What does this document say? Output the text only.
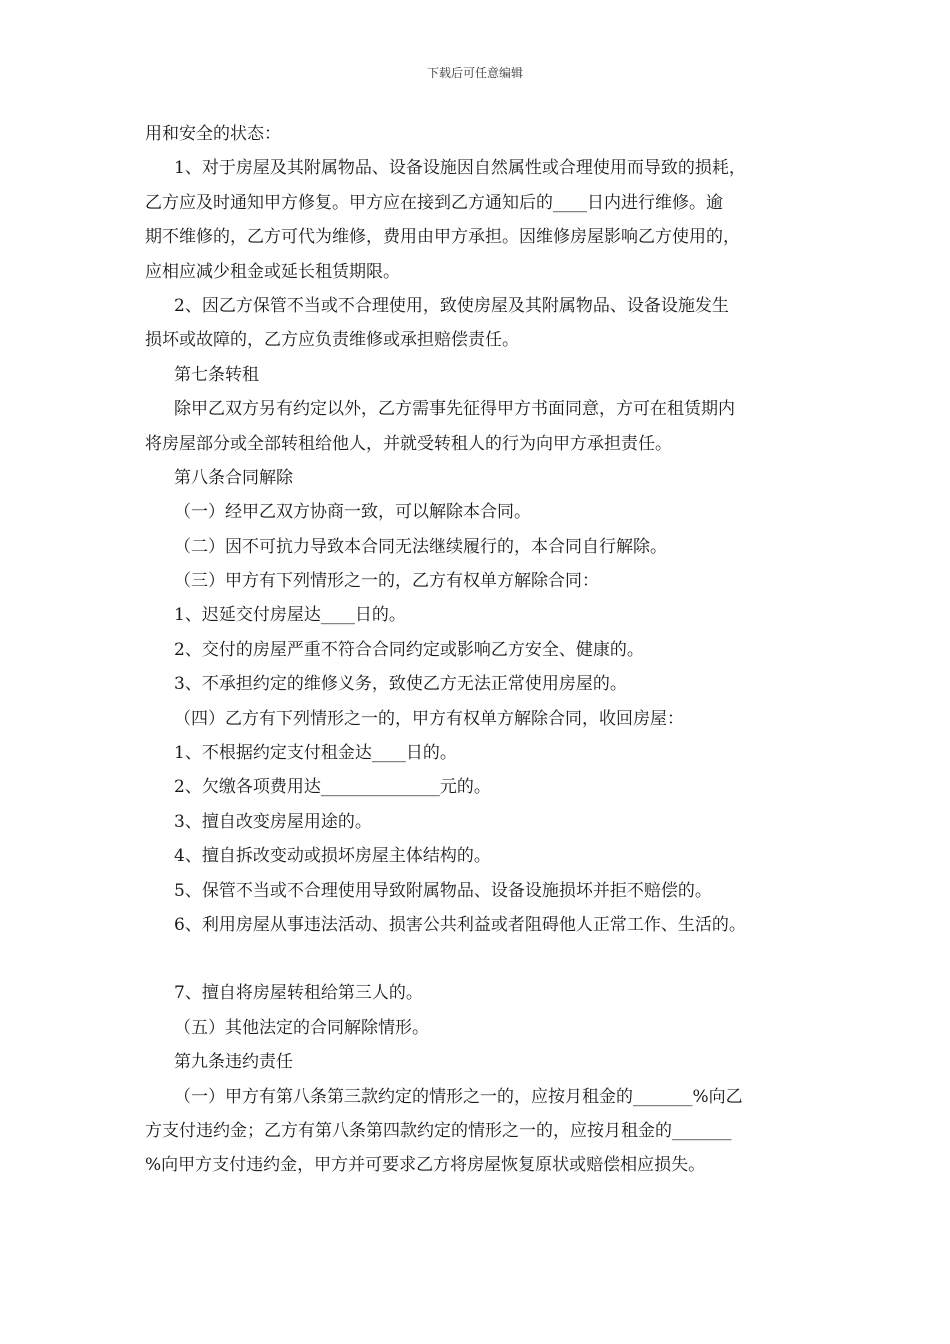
下载后可任意编辑
用和安全的状态：
1、对于房屋及其附属物品、设备设施因自然属性或合理使用而导致的损耗，
乙方应及时通知甲方修复。甲方应在接到乙方通知后的____日内进行维修。逾
期不维修的，乙方可代为维修，费用由甲方承担。因维修房屋影响乙方使用的，
应相应减少租金或延长租赁期限。
2、因乙方保管不当或不合理使用，致使房屋及其附属物品、设备设施发生
损坏或故障的，乙方应负责维修或承担赔偿责任。
第七条转租
除甲乙双方另有约定以外，乙方需事先征得甲方书面同意，方可在租赁期内
将房屋部分或全部转租给他人，并就受转租人的行为向甲方承担责任。
第八条合同解除
（一）经甲乙双方协商一致，可以解除本合同。
（二）因不可抗力导致本合同无法继续履行的，本合同自行解除。
（三）甲方有下列情形之一的，乙方有权单方解除合同：
1、迟延交付房屋达____日的。
2、交付的房屋严重不符合合同约定或影响乙方安全、健康的。
3、不承担约定的维修义务，致使乙方无法正常使用房屋的。
（四）乙方有下列情形之一的，甲方有权单方解除合同，收回房屋：
1、不根据约定支付租金达____日的。
2、欠缴各项费用达______________元的。
3、擅自改变房屋用途的。
4、擅自拆改变动或损坏房屋主体结构的。
5、保管不当或不合理使用导致附属物品、设备设施损坏并拒不赔偿的。
6、利用房屋从事违法活动、损害公共利益或者阻碍他人正常工作、生活的。
7、擅自将房屋转租给第三人的。
（五）其他法定的合同解除情形。
第九条违约责任
（一）甲方有第八条第三款约定的情形之一的，应按月租金的_______%向乙
方支付违约金；乙方有第八条第四款约定的情形之一的，应按月租金的_______
%向甲方支付违约金，甲方并可要求乙方将房屋恢复原状或赔偿相应损失。
